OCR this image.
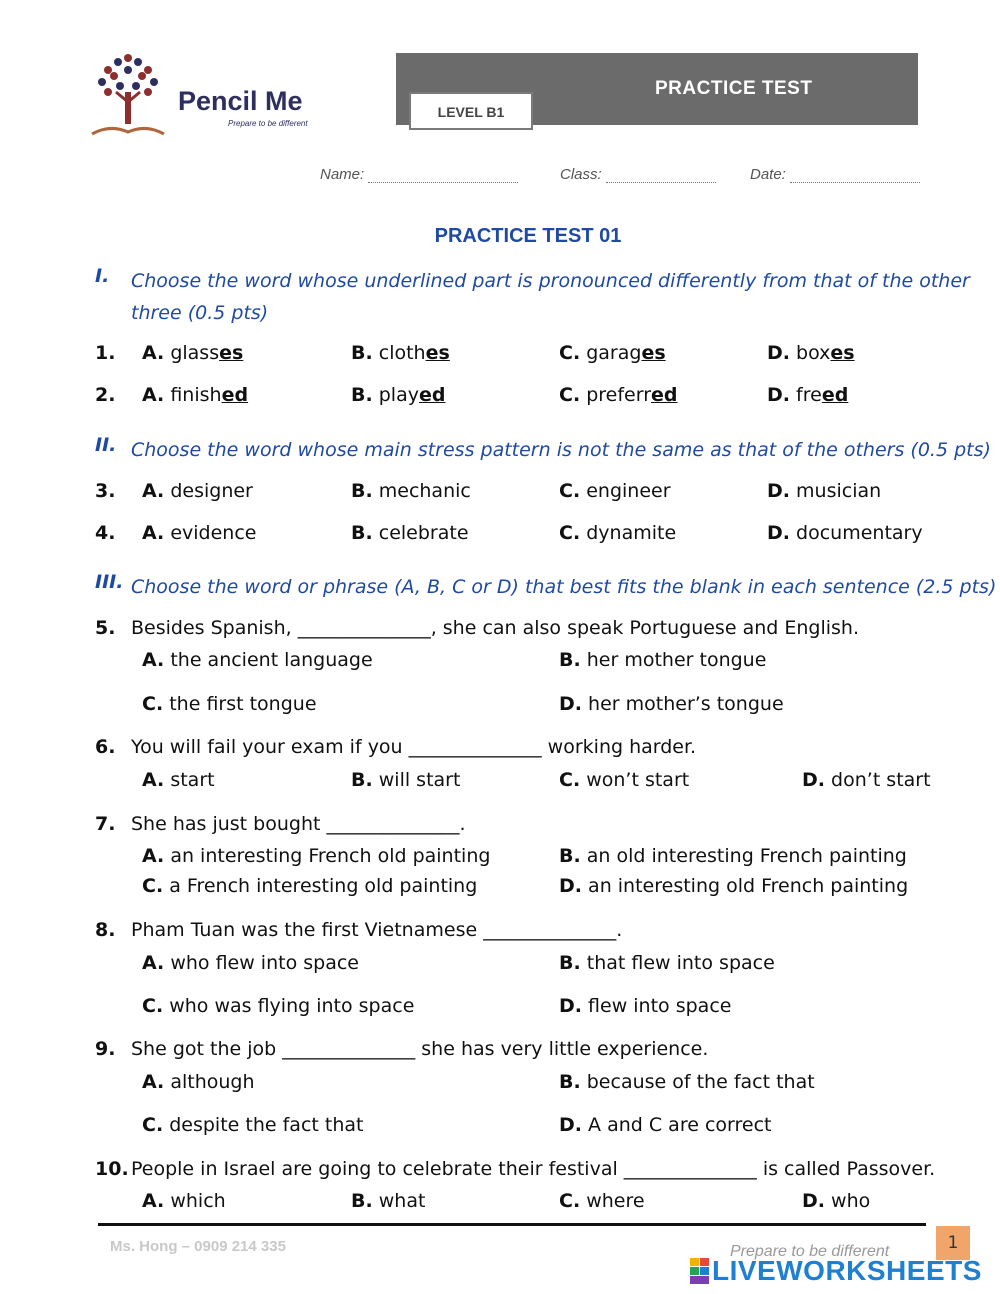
Pencil Me
Prepare to be different
PRACTICE TEST
LEVEL B1
Name:	Class:	Date:
PRACTICE TEST 01
I. Choose the word whose underlined part is pronounced differently from that of the other
three (0.5 pts)
1. A. glasses	B. clothes	C. garages	D. boxes
2. A. finished	B. played	C. preferred	D. freed
II. Choose the word whose main stress pattern is not the same as that of the others (0.5 pts)
3. A. designer	B. mechanic	C. engineer	D. musician
4. A. evidence	B. celebrate	C. dynamite	D. documentary
III. Choose the word or phrase (A, B, C or D) that best fits the blank in each sentence (2.5 pts)
5. Besides Spanish, ______________, she can also speak Portuguese and English.
A. the ancient language	B. her mother tongue
C. the first tongue	D. her mother’s tongue
6. You will fail your exam if you ______________ working harder.
A. start	B. will start	C. won’t start	D. don’t start
7. She has just bought ______________.
A. an interesting French old painting	B. an old interesting French painting
C. a French interesting old painting	D. an interesting old French painting
8. Pham Tuan was the first Vietnamese ______________.
A. who flew into space	B. that flew into space
C. who was flying into space	D. flew into space
9. She got the job ______________ she has very little experience.
A. although	B. because of the fact that
C. despite the fact that	D. A and C are correct
10. People in Israel are going to celebrate their festival ______________ is called Passover.
A. which	B. what	C. where	D. who
Ms. Hong – 0909 214 335	Prepare to be different	1
LIVEWORKSHEETS
